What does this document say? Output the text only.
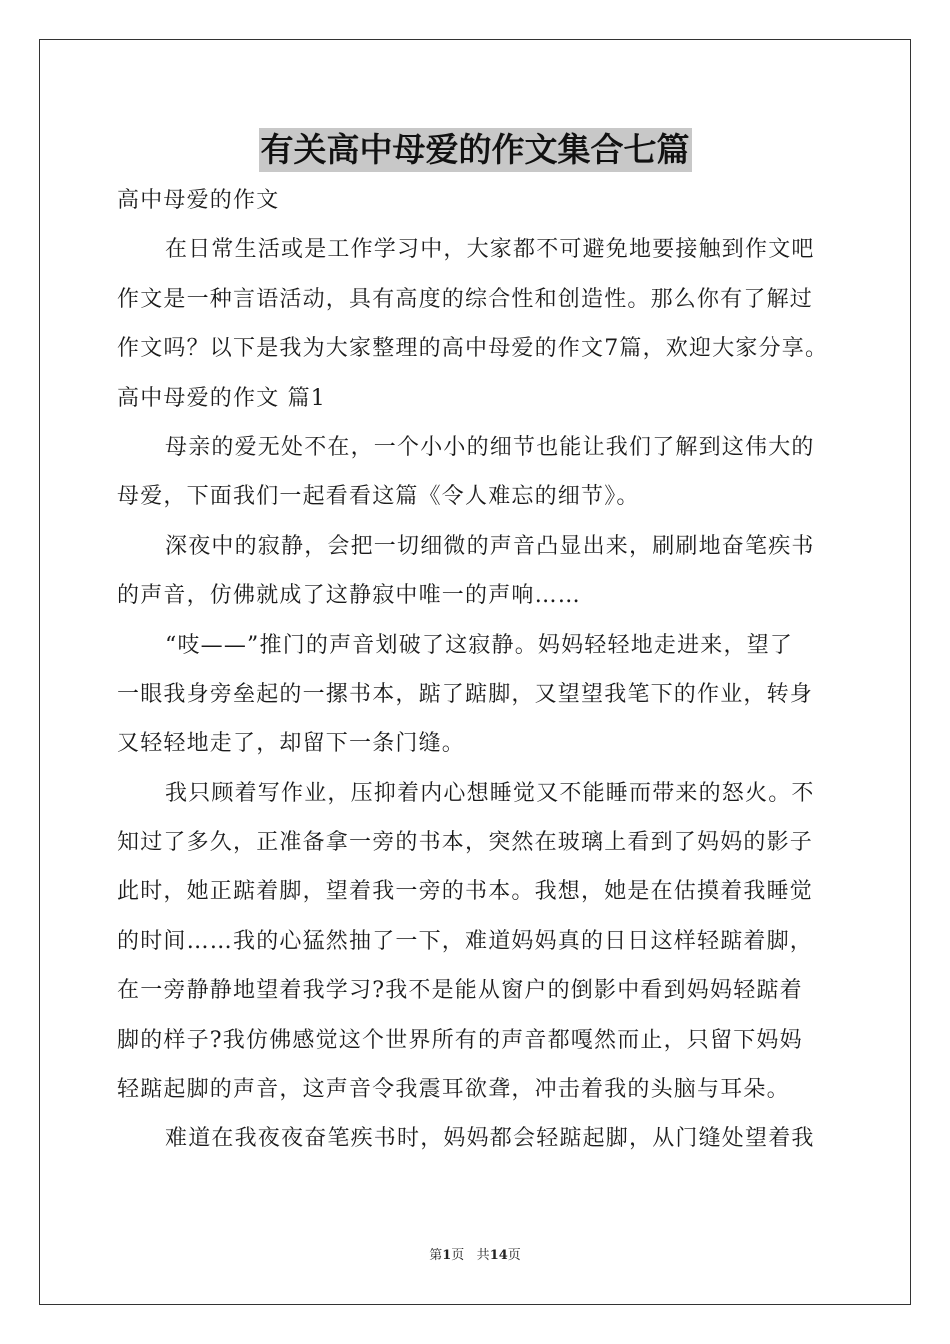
有关高中母爱的作文集合七篇
高中母爱的作文
在日常生活或是工作学习中，大家都不可避免地要接触到作文吧
作文是一种言语活动，具有高度的综合性和创造性。那么你有了解过
作文吗？以下是我为大家整理的高中母爱的作文7篇，欢迎大家分享。
高中母爱的作文 篇1
母亲的爱无处不在，一个小小的细节也能让我们了解到这伟大的
母爱，下面我们一起看看这篇《令人难忘的细节》。
深夜中的寂静，会把一切细微的声音凸显出来，刷刷地奋笔疾书
的声音，仿佛就成了这静寂中唯一的声响……
“吱——”推门的声音划破了这寂静。妈妈轻轻地走进来，望了
一眼我身旁垒起的一摞书本，踮了踮脚，又望望我笔下的作业，转身
又轻轻地走了，却留下一条门缝。
我只顾着写作业，压抑着内心想睡觉又不能睡而带来的怒火。不
知过了多久，正准备拿一旁的书本，突然在玻璃上看到了妈妈的影子
此时，她正踮着脚，望着我一旁的书本。我想，她是在估摸着我睡觉
的时间……我的心猛然抽了一下，难道妈妈真的日日这样轻踮着脚，
在一旁静静地望着我学习?我不是能从窗户的倒影中看到妈妈轻踮着
脚的样子?我仿佛感觉这个世界所有的声音都嘎然而止，只留下妈妈
轻踮起脚的声音，这声音令我震耳欲聋，冲击着我的头脑与耳朵。
难道在我夜夜奋笔疾书时，妈妈都会轻踮起脚，从门缝处望着我
第1页 共14页
